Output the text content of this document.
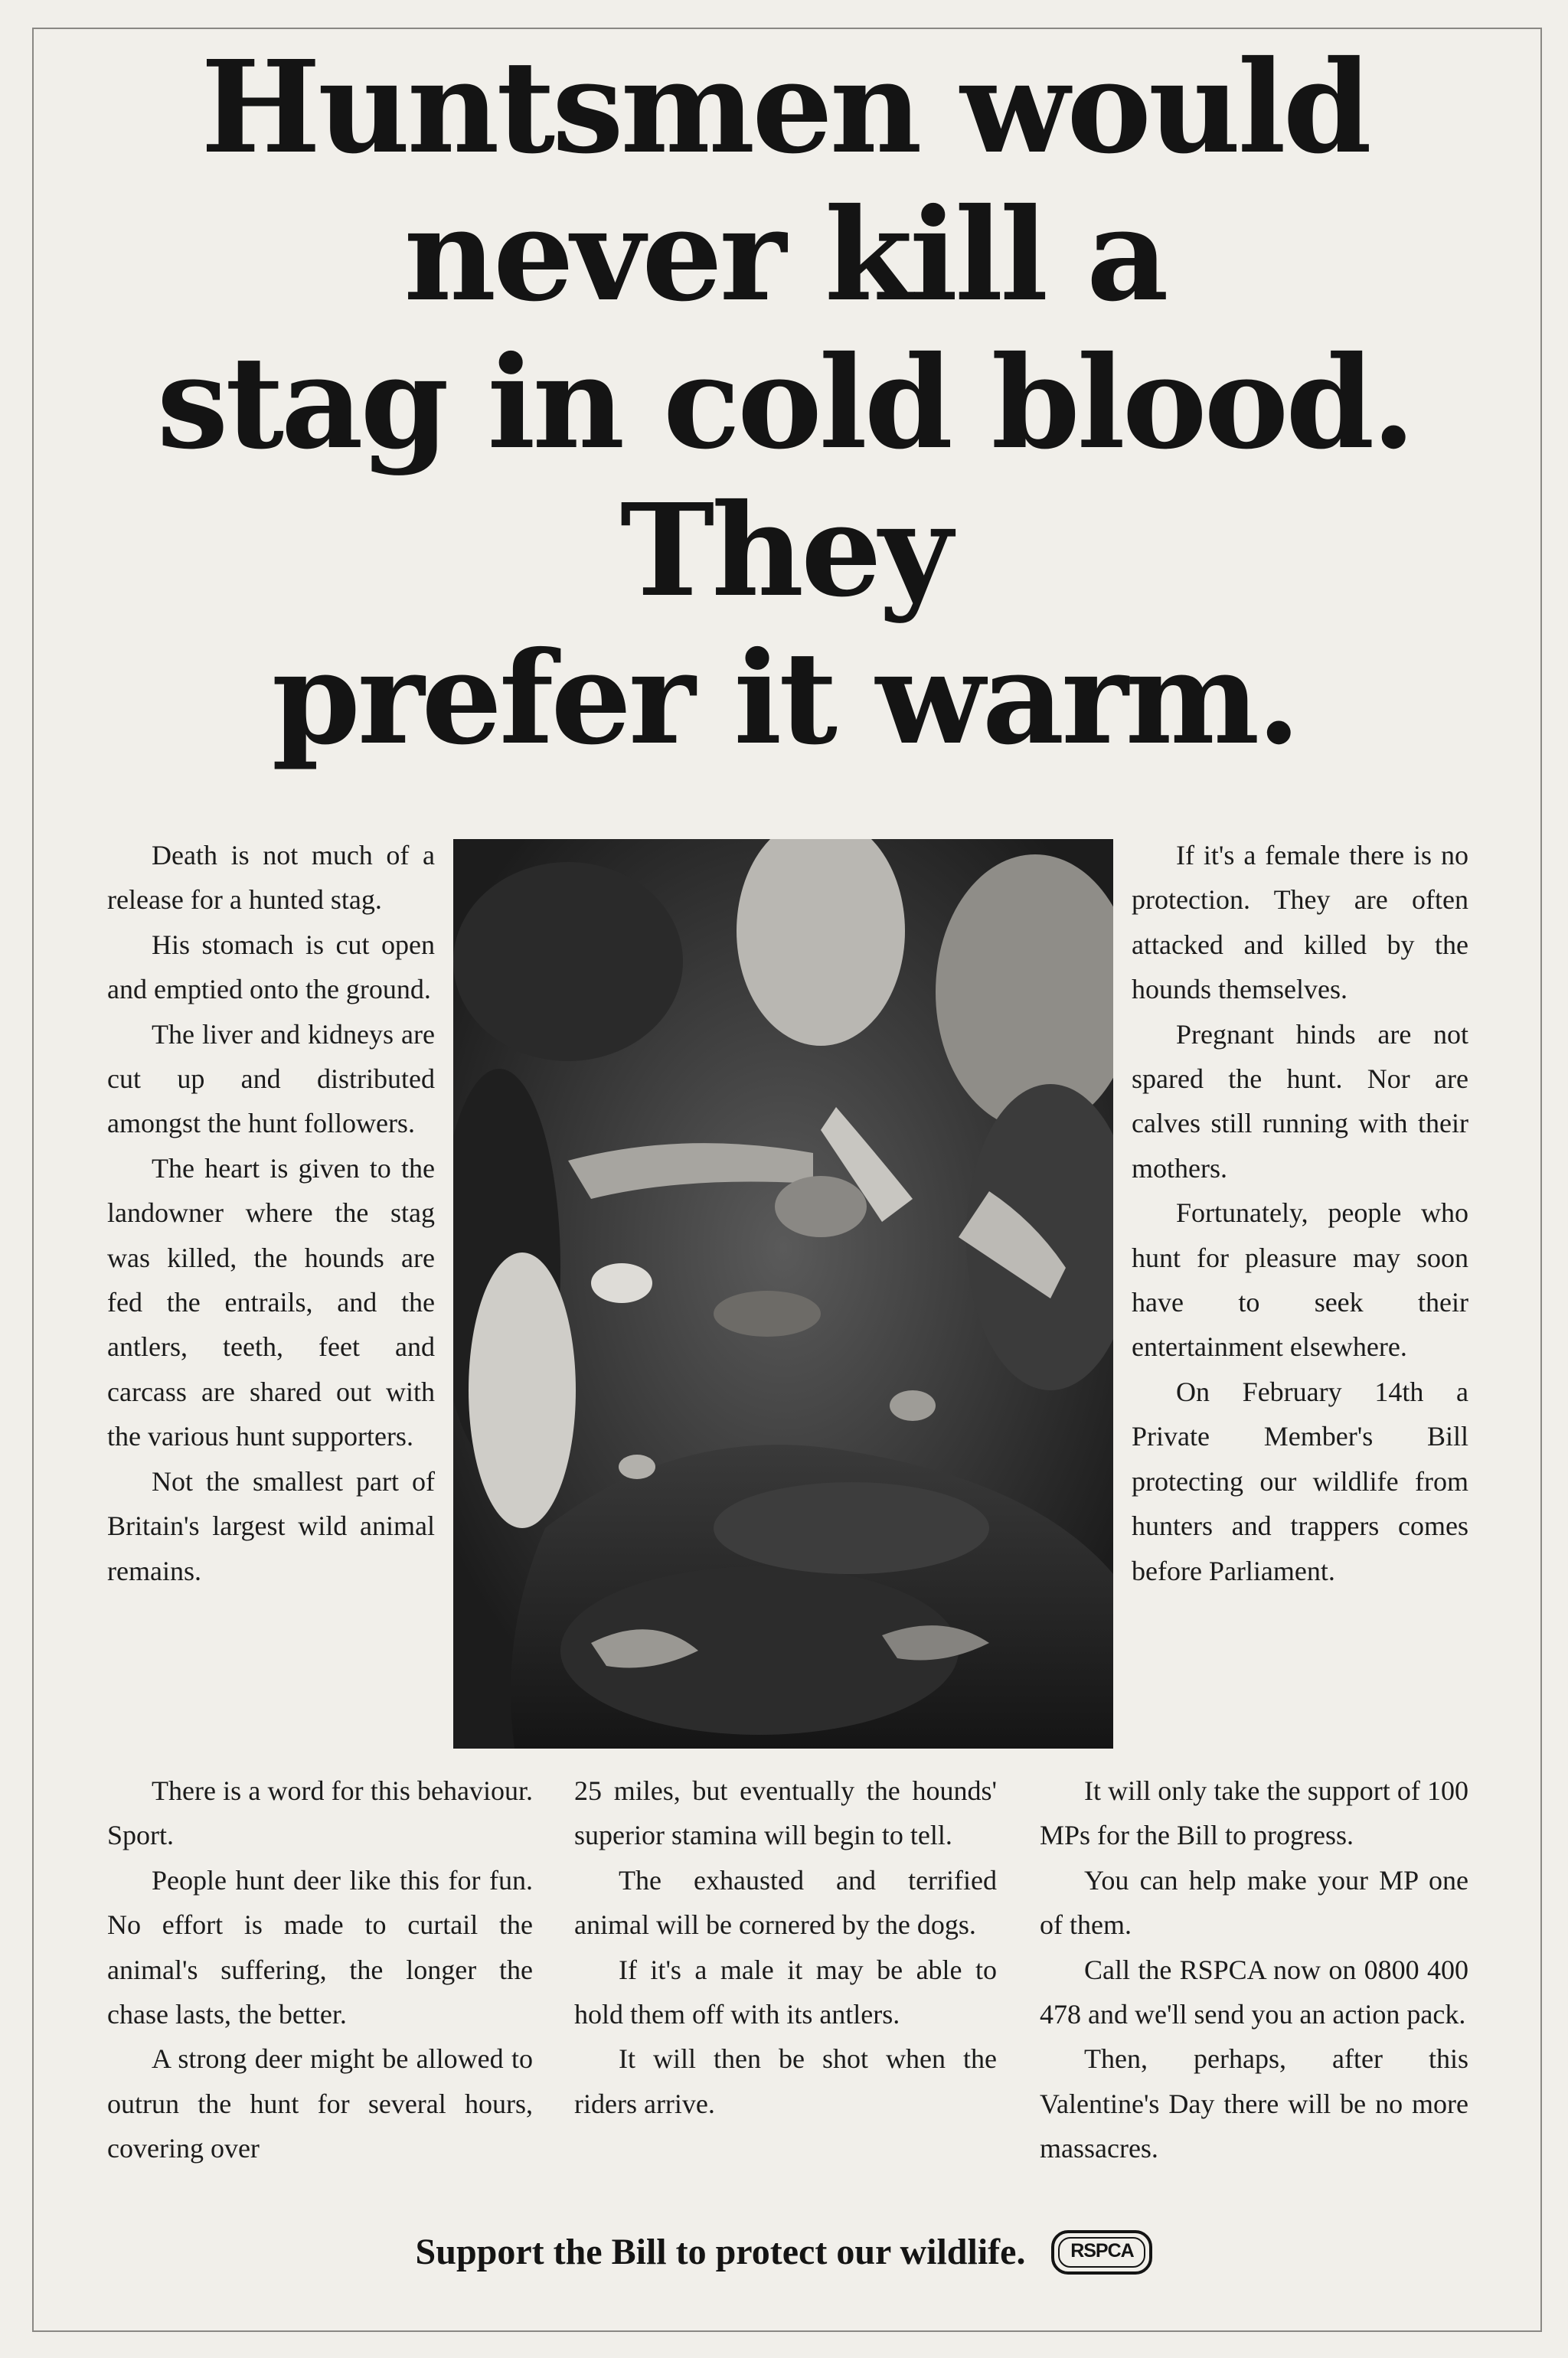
Huntsmen would
never kill a
stag in cold blood.
They
prefer it warm.

Death is not much of a release for a hunted stag.

His stomach is cut open and emptied onto the ground.

The liver and kidneys are cut up and distributed amongst the hunt followers.

The heart is given to the landowner where the stag was killed, the hounds are fed the entrails, and the antlers, teeth, feet and carcass are shared out with the various hunt supporters.

Not the smallest part of Britain's largest wild animal remains.

If it's a female there is no protection. They are often attacked and killed by the hounds themselves.

Pregnant hinds are not spared the hunt. Nor are calves still running with their mothers.

Fortunately, people who hunt for pleasure may soon have to seek their entertainment elsewhere.

On February 14th a Private Member's Bill protecting our wildlife from hunters and trappers comes before Parliament.

There is a word for this behaviour. Sport.

People hunt deer like this for fun. No effort is made to curtail the animal's suffering, the longer the chase lasts, the better.

A strong deer might be allowed to outrun the hunt for several hours, covering over

25 miles, but eventually the hounds' superior stamina will begin to tell.

The exhausted and terrified animal will be cornered by the dogs.

If it's a male it may be able to hold them off with its antlers.

It will then be shot when the riders arrive.

It will only take the support of 100 MPs for the Bill to progress.

You can help make your MP one of them.

Call the RSPCA now on 0800 400 478 and we'll send you an action pack.

Then, perhaps, after this Valentine's Day there will be no more massacres.

Support the Bill to protect our wildlife.	RSPCA
